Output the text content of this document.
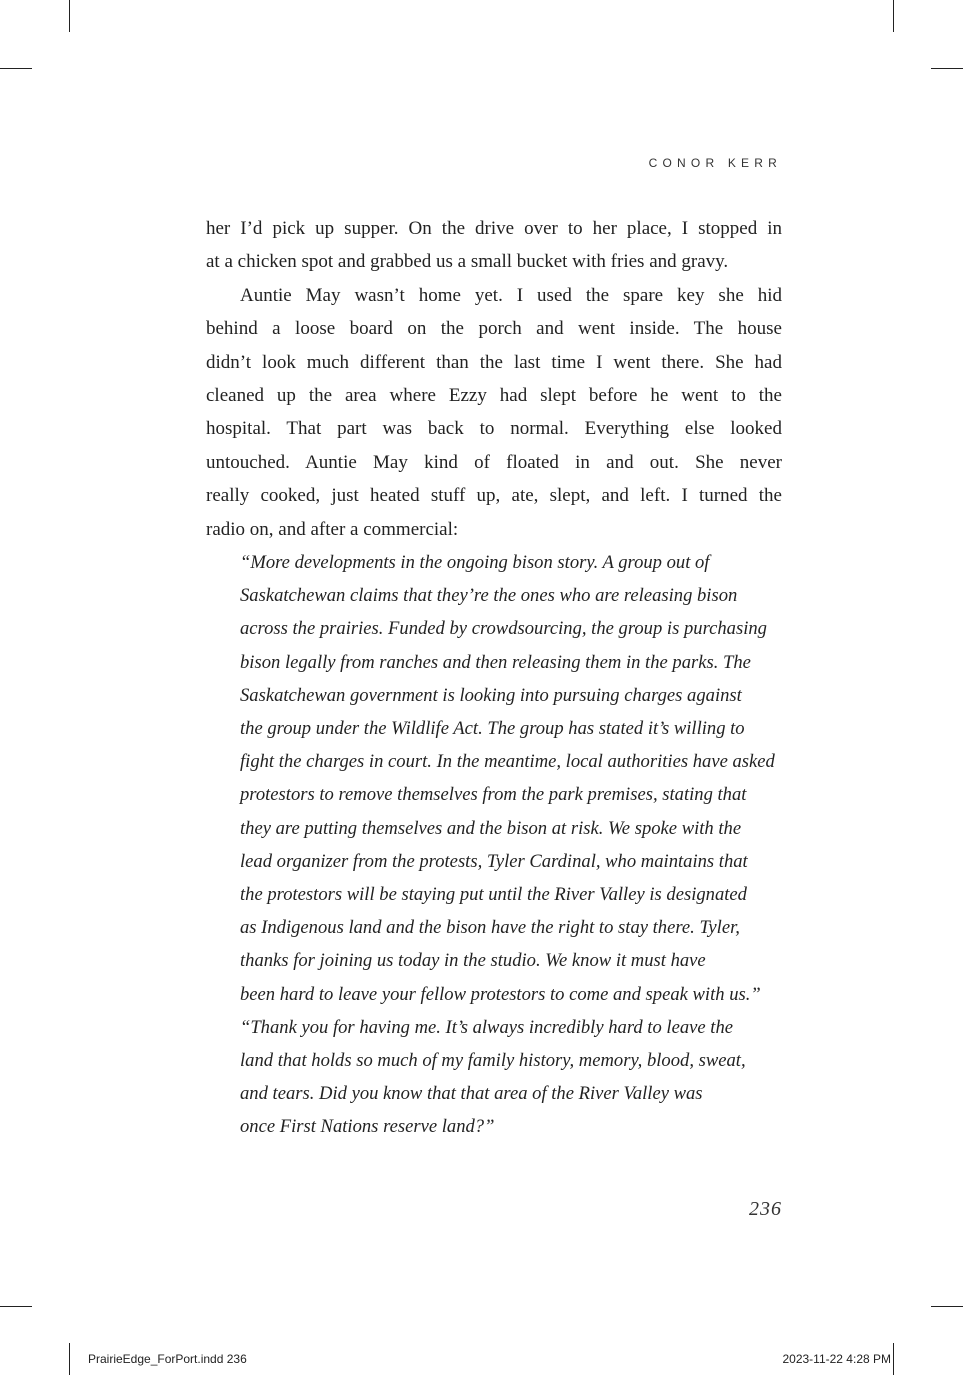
CONOR KERR

her I’d pick up supper. On the drive over to her place, I stopped in
at a chicken spot and grabbed us a small bucket with fries and gravy.

Auntie May wasn’t home yet. I used the spare key she hid
behind a loose board on the porch and went inside. The house
didn’t look much different than the last time I went there. She had
cleaned up the area where Ezzy had slept before he went to the
hospital. That part was back to normal. Everything else looked
untouched. Auntie May kind of floated in and out. She never
really cooked, just heated stuff up, ate, slept, and left. I turned the
radio on, and after a commercial:

“More developments in the ongoing bison story. A group out of
Saskatchewan claims that they’re the ones who are releasing bison
across the prairies. Funded by crowdsourcing, the group is purchasing
bison legally from ranches and then releasing them in the parks. The
Saskatchewan government is looking into pursuing charges against
the group under the Wildlife Act. The group has stated it’s willing to
fight the charges in court. In the meantime, local authorities have asked
protestors to remove themselves from the park premises, stating that
they are putting themselves and the bison at risk. We spoke with the
lead organizer from the protests, Tyler Cardinal, who maintains that
the protestors will be staying put until the River Valley is designated
as Indigenous land and the bison have the right to stay there. Tyler,
thanks for joining us today in the studio. We know it must have
been hard to leave your fellow protestors to come and speak with us.”
“Thank you for having me. It’s always incredibly hard to leave the
land that holds so much of my family history, memory, blood, sweat,
and tears. Did you know that that area of the River Valley was
once First Nations reserve land?”
236
PrairieEdge_ForPort.indd 236	2023-11-22 4:28 PM
